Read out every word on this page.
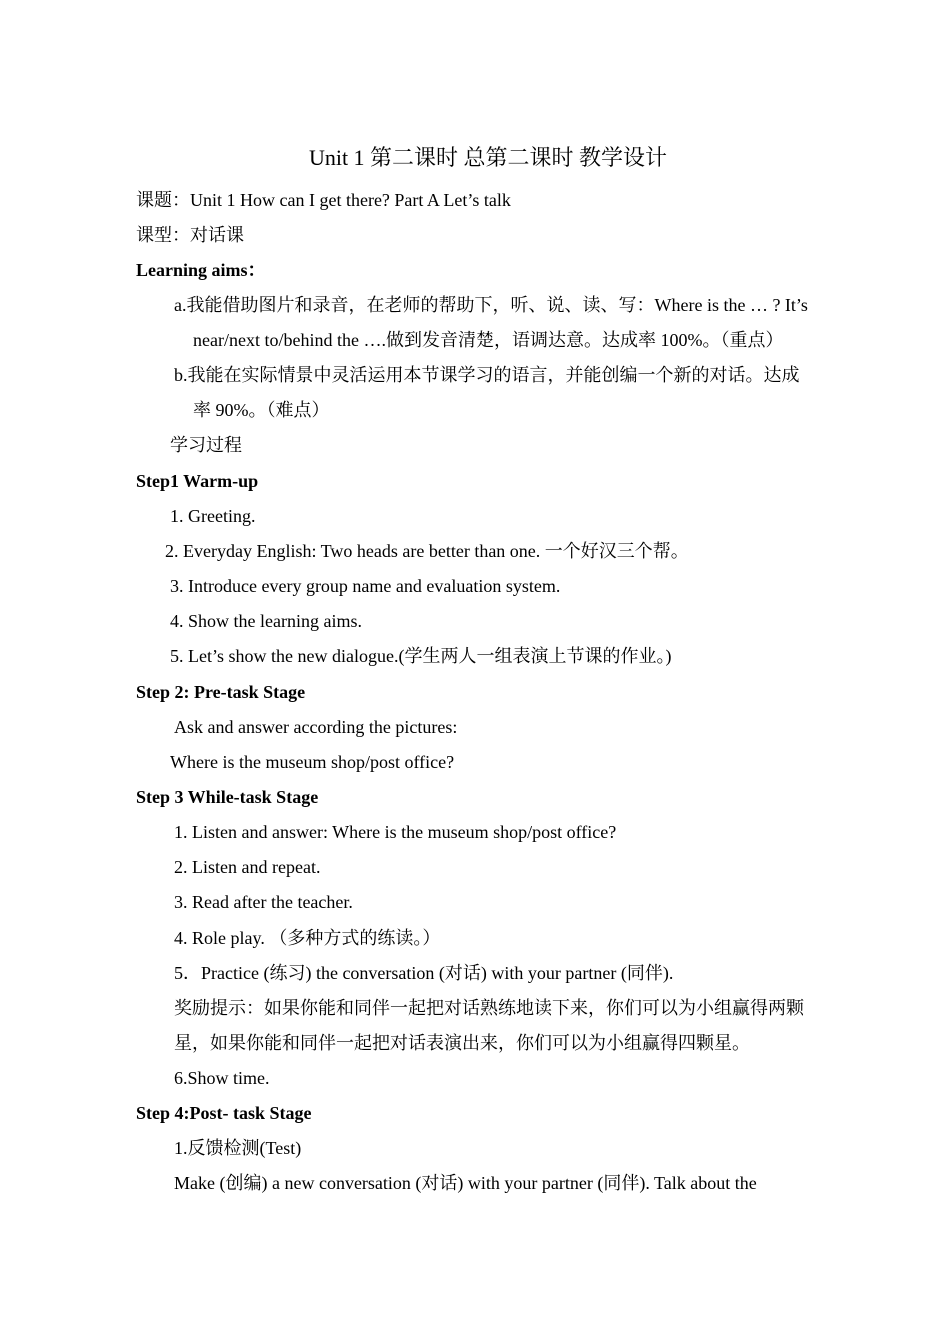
Unit 1 第二课时 总第二课时 教学设计
课题：Unit 1 How can I get there? Part A Let’s talk
课型：对话课
Learning aims：
a.我能借助图片和录音，在老师的帮助下，听、说、读、写：Where is the … ? It’s
near/next to/behind the ….做到发音清楚，语调达意。达成率 100%。（重点）
b.我能在实际情景中灵活运用本节课学习的语言，并能创编一个新的对话。达成
率 90%。（难点）
学习过程
Step1 Warm-up
1. Greeting.
2. Everyday English: Two heads are better than one. 一个好汉三个帮。
3. Introduce every group name and evaluation system.
4. Show the learning aims.
5. Let’s show the new dialogue.(学生两人一组表演上节课的作业。)
Step 2: Pre-task Stage
Ask and answer according the pictures:
Where is the museum shop/post office?
Step 3 While-task Stage
1. Listen and answer: Where is the museum shop/post office?
2. Listen and repeat.
3. Read after the teacher.
4. Role play. （多种方式的练读。）
5．Practice (练习) the conversation (对话) with your partner (同伴).
奖励提示：如果你能和同伴一起把对话熟练地读下来，你们可以为小组赢得两颗
星，如果你能和同伴一起把对话表演出来，你们可以为小组赢得四颗星。
6.Show time.
Step 4:Post- task Stage
1.反馈检测(Test)
Make (创编) a new conversation (对话) with your partner (同伴). Talk about the
